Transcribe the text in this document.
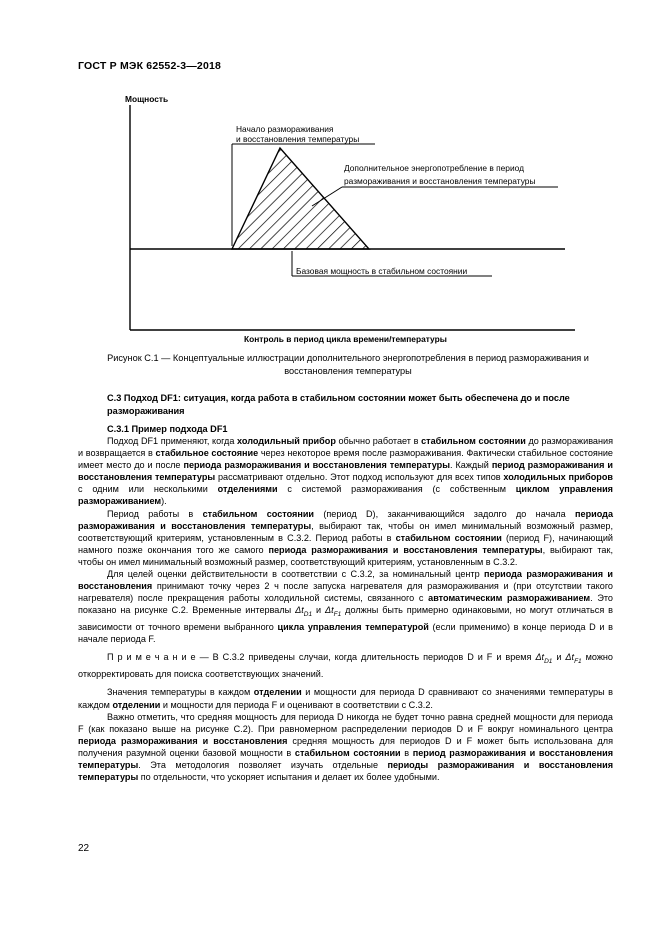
ГОСТ Р МЭК 62552-3—2018
Мощность
Начало размораживания
и восстановления температуры
Дополнительное энергопотребление в период
размораживания и восстановления температуры
Базовая мощность в стабильном состоянии
Контроль в период цикла времени/температуры
Рисунок С.1 — Концептуальные иллюстрации дополнительного энергопотребления в период размораживания и
восстановления температуры
С.3 Подход DF1: ситуация, когда работа в стабильном состоянии может быть обеспечена до и после
размораживания
С.3.1 Пример подхода DF1

Подход DF1 применяют, когда холодильный прибор обычно работает в стабильном состоянии до размораживания и возвращается в стабильное состояние через некоторое время после размораживания. Фактически стабильное состояние имеет место до и после периода размораживания и восстановления температуры. Каждый период размораживания и восстановления температуры рассматривают отдельно. Этот подход используют для всех типов холодильных приборов с одним или несколькими отделениями с системой размораживания (с собственным циклом управления размораживанием).

Период работы в стабильном состоянии (период D), заканчивающийся задолго до начала периода размораживания и восстановления температуры, выбирают так, чтобы он имел минимальный возможный размер, соответствующий критериям, установленным в С.3.2. Период работы в стабильном состоянии (период F), начинающий намного позже окончания того же самого периода размораживания и восстановления температуры, выбирают так, чтобы он имел минимальный возможный размер, соответствующий критериям, установленным в С.3.2.

Для целей оценки действительности в соответствии с С.3.2, за номинальный центр периода размораживания и восстановления принимают точку через 2 ч после запуска нагревателя для размораживания и (при отсутствии такого нагревателя) после прекращения работы холодильной системы, связанного с автоматическим размораживанием. Это показано на рисунке С.2. Временные интервалы $\Delta t_{D1}$ и $\Delta t_{F1}$ должны быть примерно одинаковыми, но могут отличаться в зависимости от точного времени выбранного цикла управления температурой (если применимо) в конце периода D и в начале периода F.

П р и м е ч а н и е — В С.3.2 приведены случаи, когда длительность периодов D и F и время $\Delta t_{D1}$ и $\Delta t_{F1}$ можно откорректировать для поиска соответствующих значений.

Значения температуры в каждом отделении и мощности для периода D сравнивают со значениями температуры в каждом отделении и мощности для периода F и оценивают в соответствии с С.3.2.

Важно отметить, что средняя мощность для периода D никогда не будет точно равна средней мощности для периода F (как показано выше на рисунке С.2). При равномерном распределении периодов D и F вокруг номинального центра периода размораживания и восстановления средняя мощность для периодов D и F может быть использована для получения разумной оценки базовой мощности в стабильном состоянии в период размораживания и восстановления температуры. Эта методология позволяет изучать отдельные периоды размораживания и восстановления температуры по отдельности, что ускоряет испытания и делает их более удобными.

22
